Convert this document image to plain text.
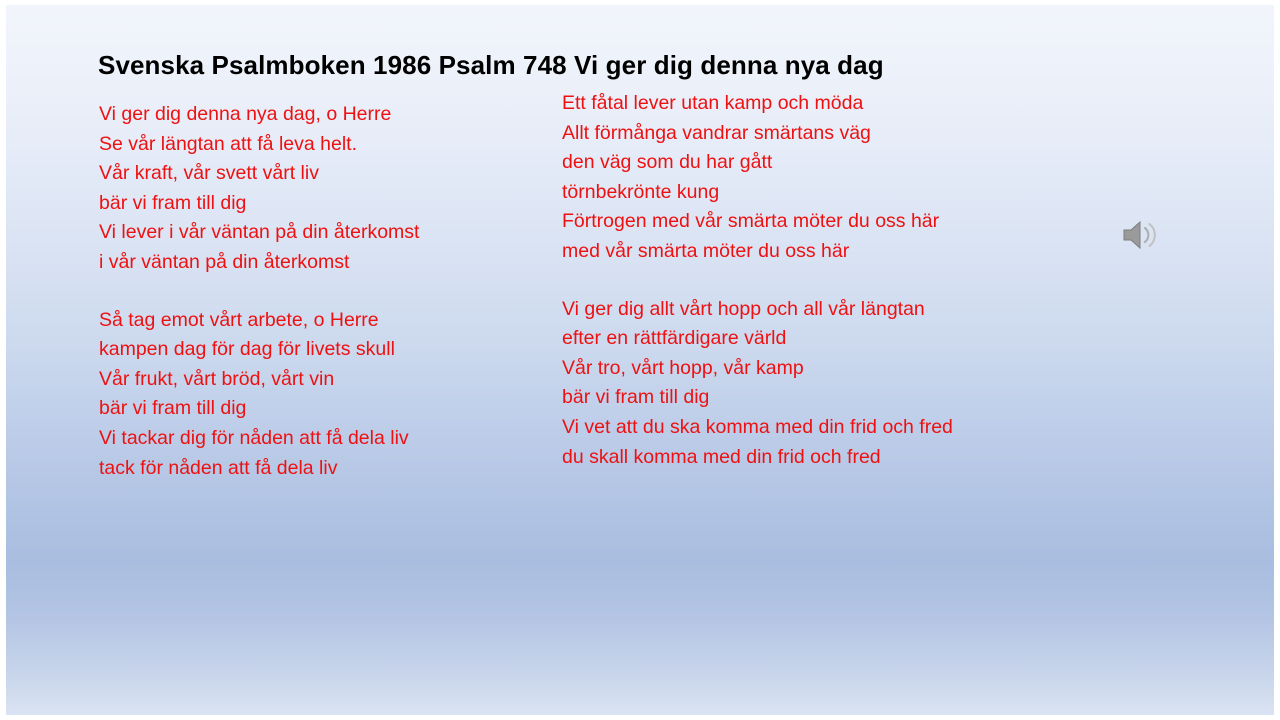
Svenska Psalmboken 1986 Psalm 748 Vi ger dig denna nya dag
Vi ger dig denna nya dag, o Herre
Se vår längtan att få leva helt.
Vår kraft, vår svett vårt liv
bär vi fram till dig
Vi lever i vår väntan på din återkomst
i vår väntan på din återkomst
Så tag emot vårt arbete, o Herre
kampen dag för dag för livets skull
Vår frukt, vårt bröd, vårt vin
bär vi fram till dig
Vi tackar dig för nåden att få dela liv
tack för nåden att få dela liv
Ett fåtal lever utan kamp och möda
Allt förmånga vandrar smärtans väg
den väg som du har gått
törnbekrönte kung
Förtrogen med vår smärta möter du oss här
med vår smärta möter du oss här
Vi ger dig allt vårt hopp och all vår längtan
efter en rättfärdigare värld
Vår tro, vårt hopp, vår kamp
bär vi fram till dig
Vi vet att du ska komma med din frid och fred
du skall komma med din frid och fred
